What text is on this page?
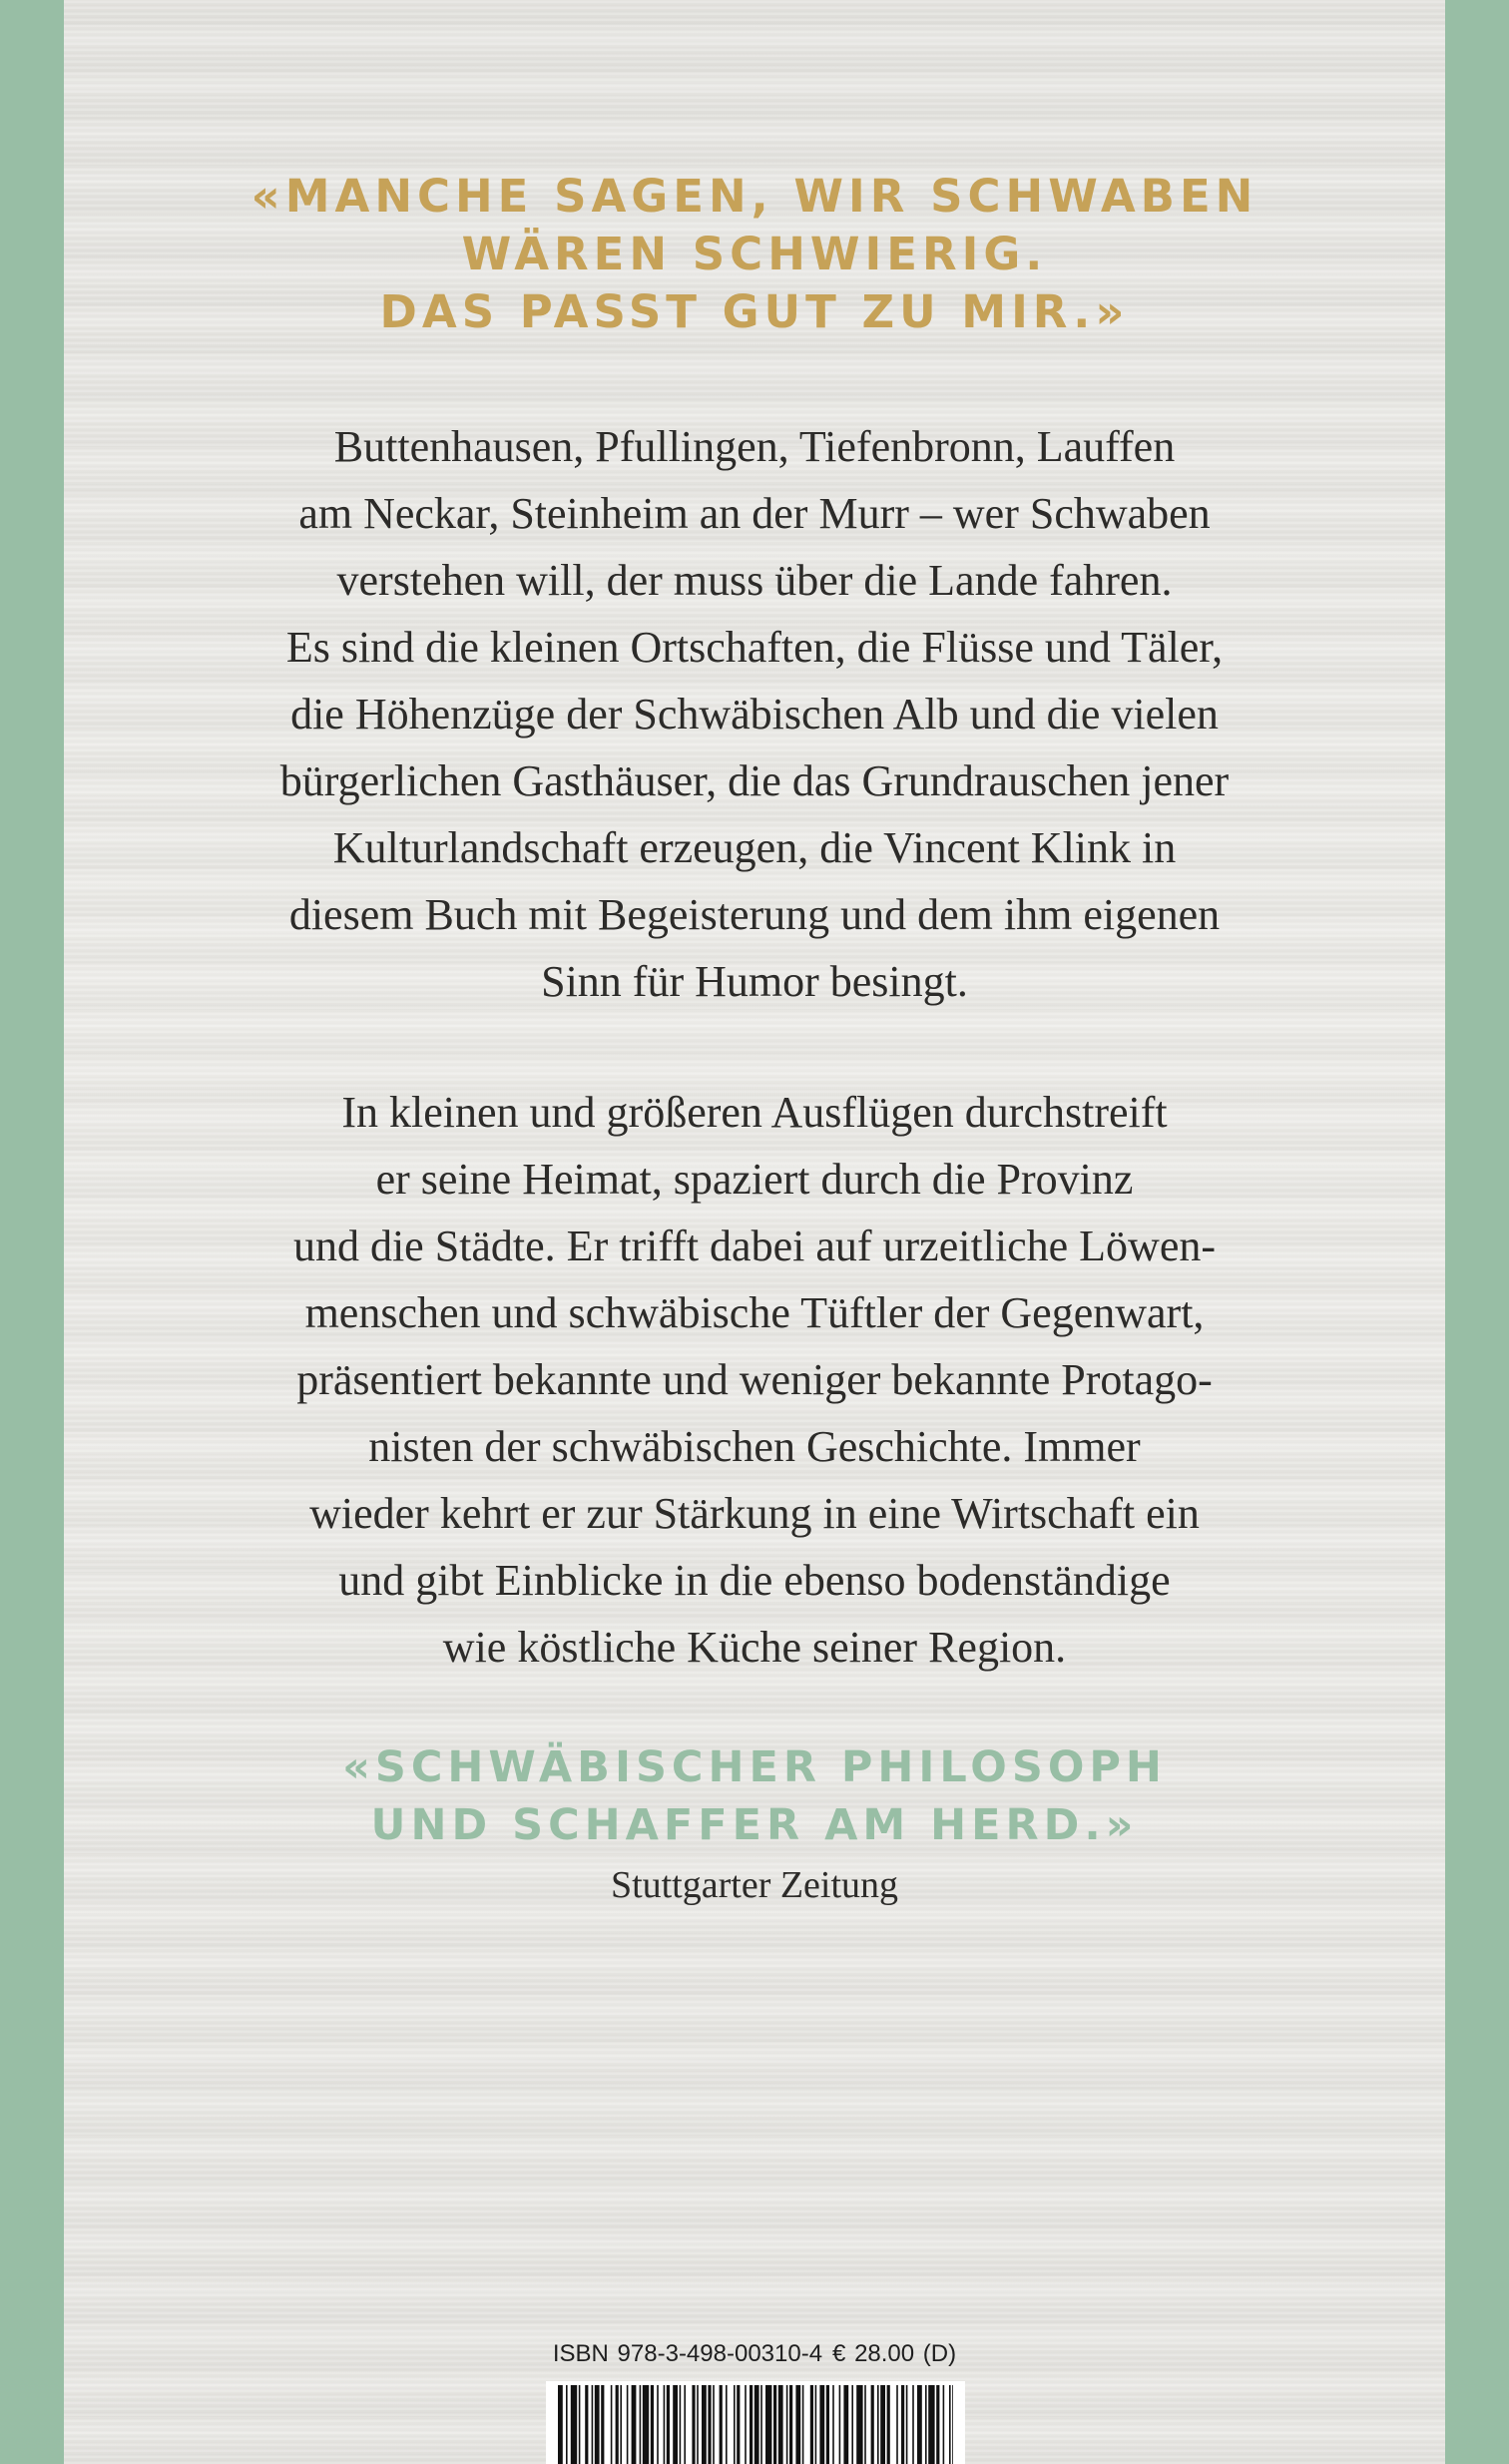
«MANCHE SAGEN, WIR SCHWABEN
WÄREN SCHWIERIG.
DAS PASST GUT ZU MIR.»
Buttenhausen, Pfullingen, Tiefenbronn, Lauffen
am Neckar, Steinheim an der Murr – wer Schwaben
verstehen will, der muss über die Lande fahren.
Es sind die kleinen Ortschaften, die Flüsse und Täler,
die Höhenzüge der Schwäbischen Alb und die vielen
bürgerlichen Gasthäuser, die das Grundrauschen jener
Kulturlandschaft erzeugen, die Vincent Klink in
diesem Buch mit Begeisterung und dem ihm eigenen
Sinn für Humor besingt.
In kleinen und größeren Ausflügen durchstreift
er seine Heimat, spaziert durch die Provinz
und die Städte. Er trifft dabei auf urzeitliche Löwen-
menschen und schwäbische Tüftler der Gegenwart,
präsentiert bekannte und weniger bekannte Protago-
nisten der schwäbischen Geschichte. Immer
wieder kehrt er zur Stärkung in eine Wirtschaft ein
und gibt Einblicke in die ebenso bodenständige
wie köstliche Küche seiner Region.
«SCHWÄBISCHER PHILOSOPH
UND SCHAFFER AM HERD.»
Stuttgarter Zeitung
ISBN 978-3-498-00310-4 € 28.00 (D)
